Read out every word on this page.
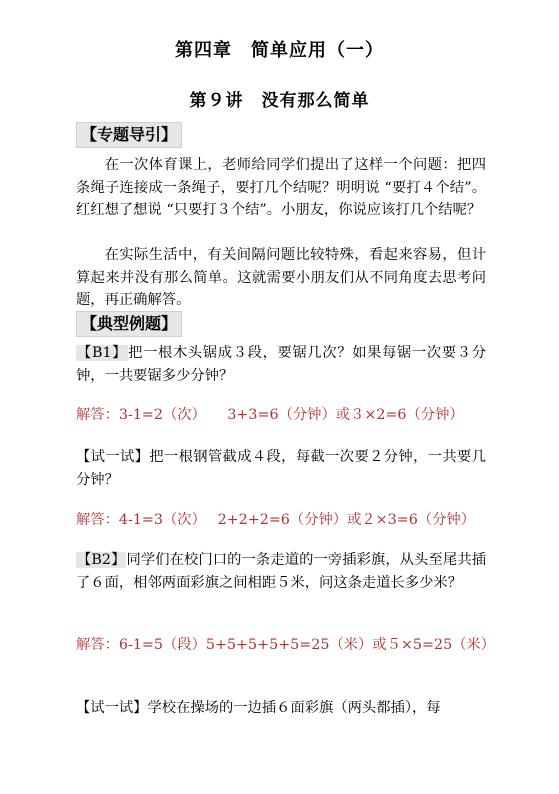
第四章　简单应用（一）
第９讲　没有那么简单
【专题导引】

在一次体育课上，老师给同学们提出了这样一个问题：把四条绳子连接成一条绳子，要打几个结呢？明明说 “要打４个结”。红红想了想说 “只要打３个结”。小朋友，你说应该打几个结呢？

在实际生活中，有关间隔问题比较特殊，看起来容易，但计算起来并没有那么简单。这就需要小朋友们从不同角度去思考问题，再正确解答。

【典型例题】

【B1】把一根木头锯成３段，要锯几次？如果每锯一次要３分钟，一共要锯多少分钟？

解答：3-1=2（次）　　3+3=6（分钟）或３×2=6（分钟）

【试一试】把一根钢管截成４段，每截一次要２分钟，一共要几分钟？

解答：4-1=3（次）　 2+2+2=6（分钟）或２×3=6（分钟）

【B2】同学们在校门口的一条走道的一旁插彩旗，从头至尾共插了６面，相邻两面彩旗之间相距５米，问这条走道长多少米？

解答：6-1=5（段）5+5+5+5+5=25（米）或５×5=25（米）

【试一试】学校在操场的一边插６面彩旗（两头都插），每
